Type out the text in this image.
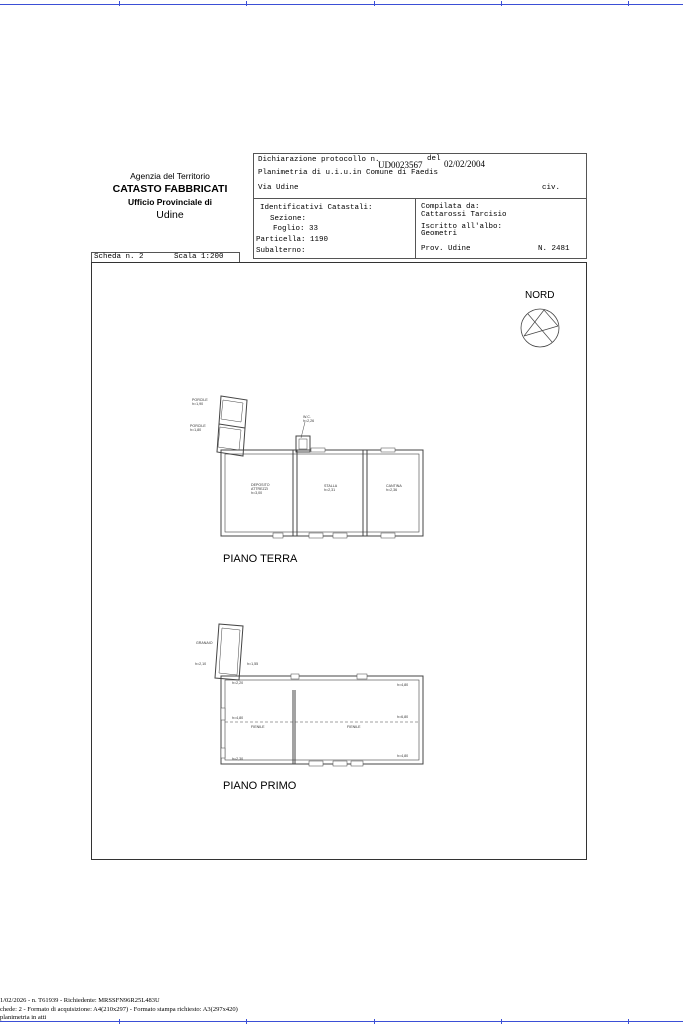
Agenzia del Territorio
CATASTO FABBRICATI
Ufficio Provinciale di
Udine
Dichiarazione protocollo n.
UD0023567
del 02/02/2004
Planimetria di u.i.u.in Comune di Faedis
Via Udine	civ.
Identificativi Catastali:
Sezione:
Foglio: 33
Particella: 1190
Subalterno:
Compilata da:
Cattarossi Tarcisio
Iscritto all'albo:
Geometri
Prov. Udine	N. 2481
Scheda n. 2	Scala 1:200
NORD
PORCILE
h=1,90
PORCILE
h=1,80
W.C.
h=2,26
DEPOSITO
ATTREZZI
h=3,00
STALLA
h=2,31
CANTINA
h=2,36
PIANO TERRA
GRANAIO
h=2,10	h=1,55
h=2,20	h=4,80
h=4,80	h=6,80
h=2,30
h=4,80
FIENILE	FIENILE
PIANO PRIMO
1/02/2026 - n. T61939 - Richiedente: MRSSFN96R25L483U
chede: 2 - Formato di acquisizione: A4(210x297) - Formato stampa richiesto: A3(297x420)
planimetria in atti
